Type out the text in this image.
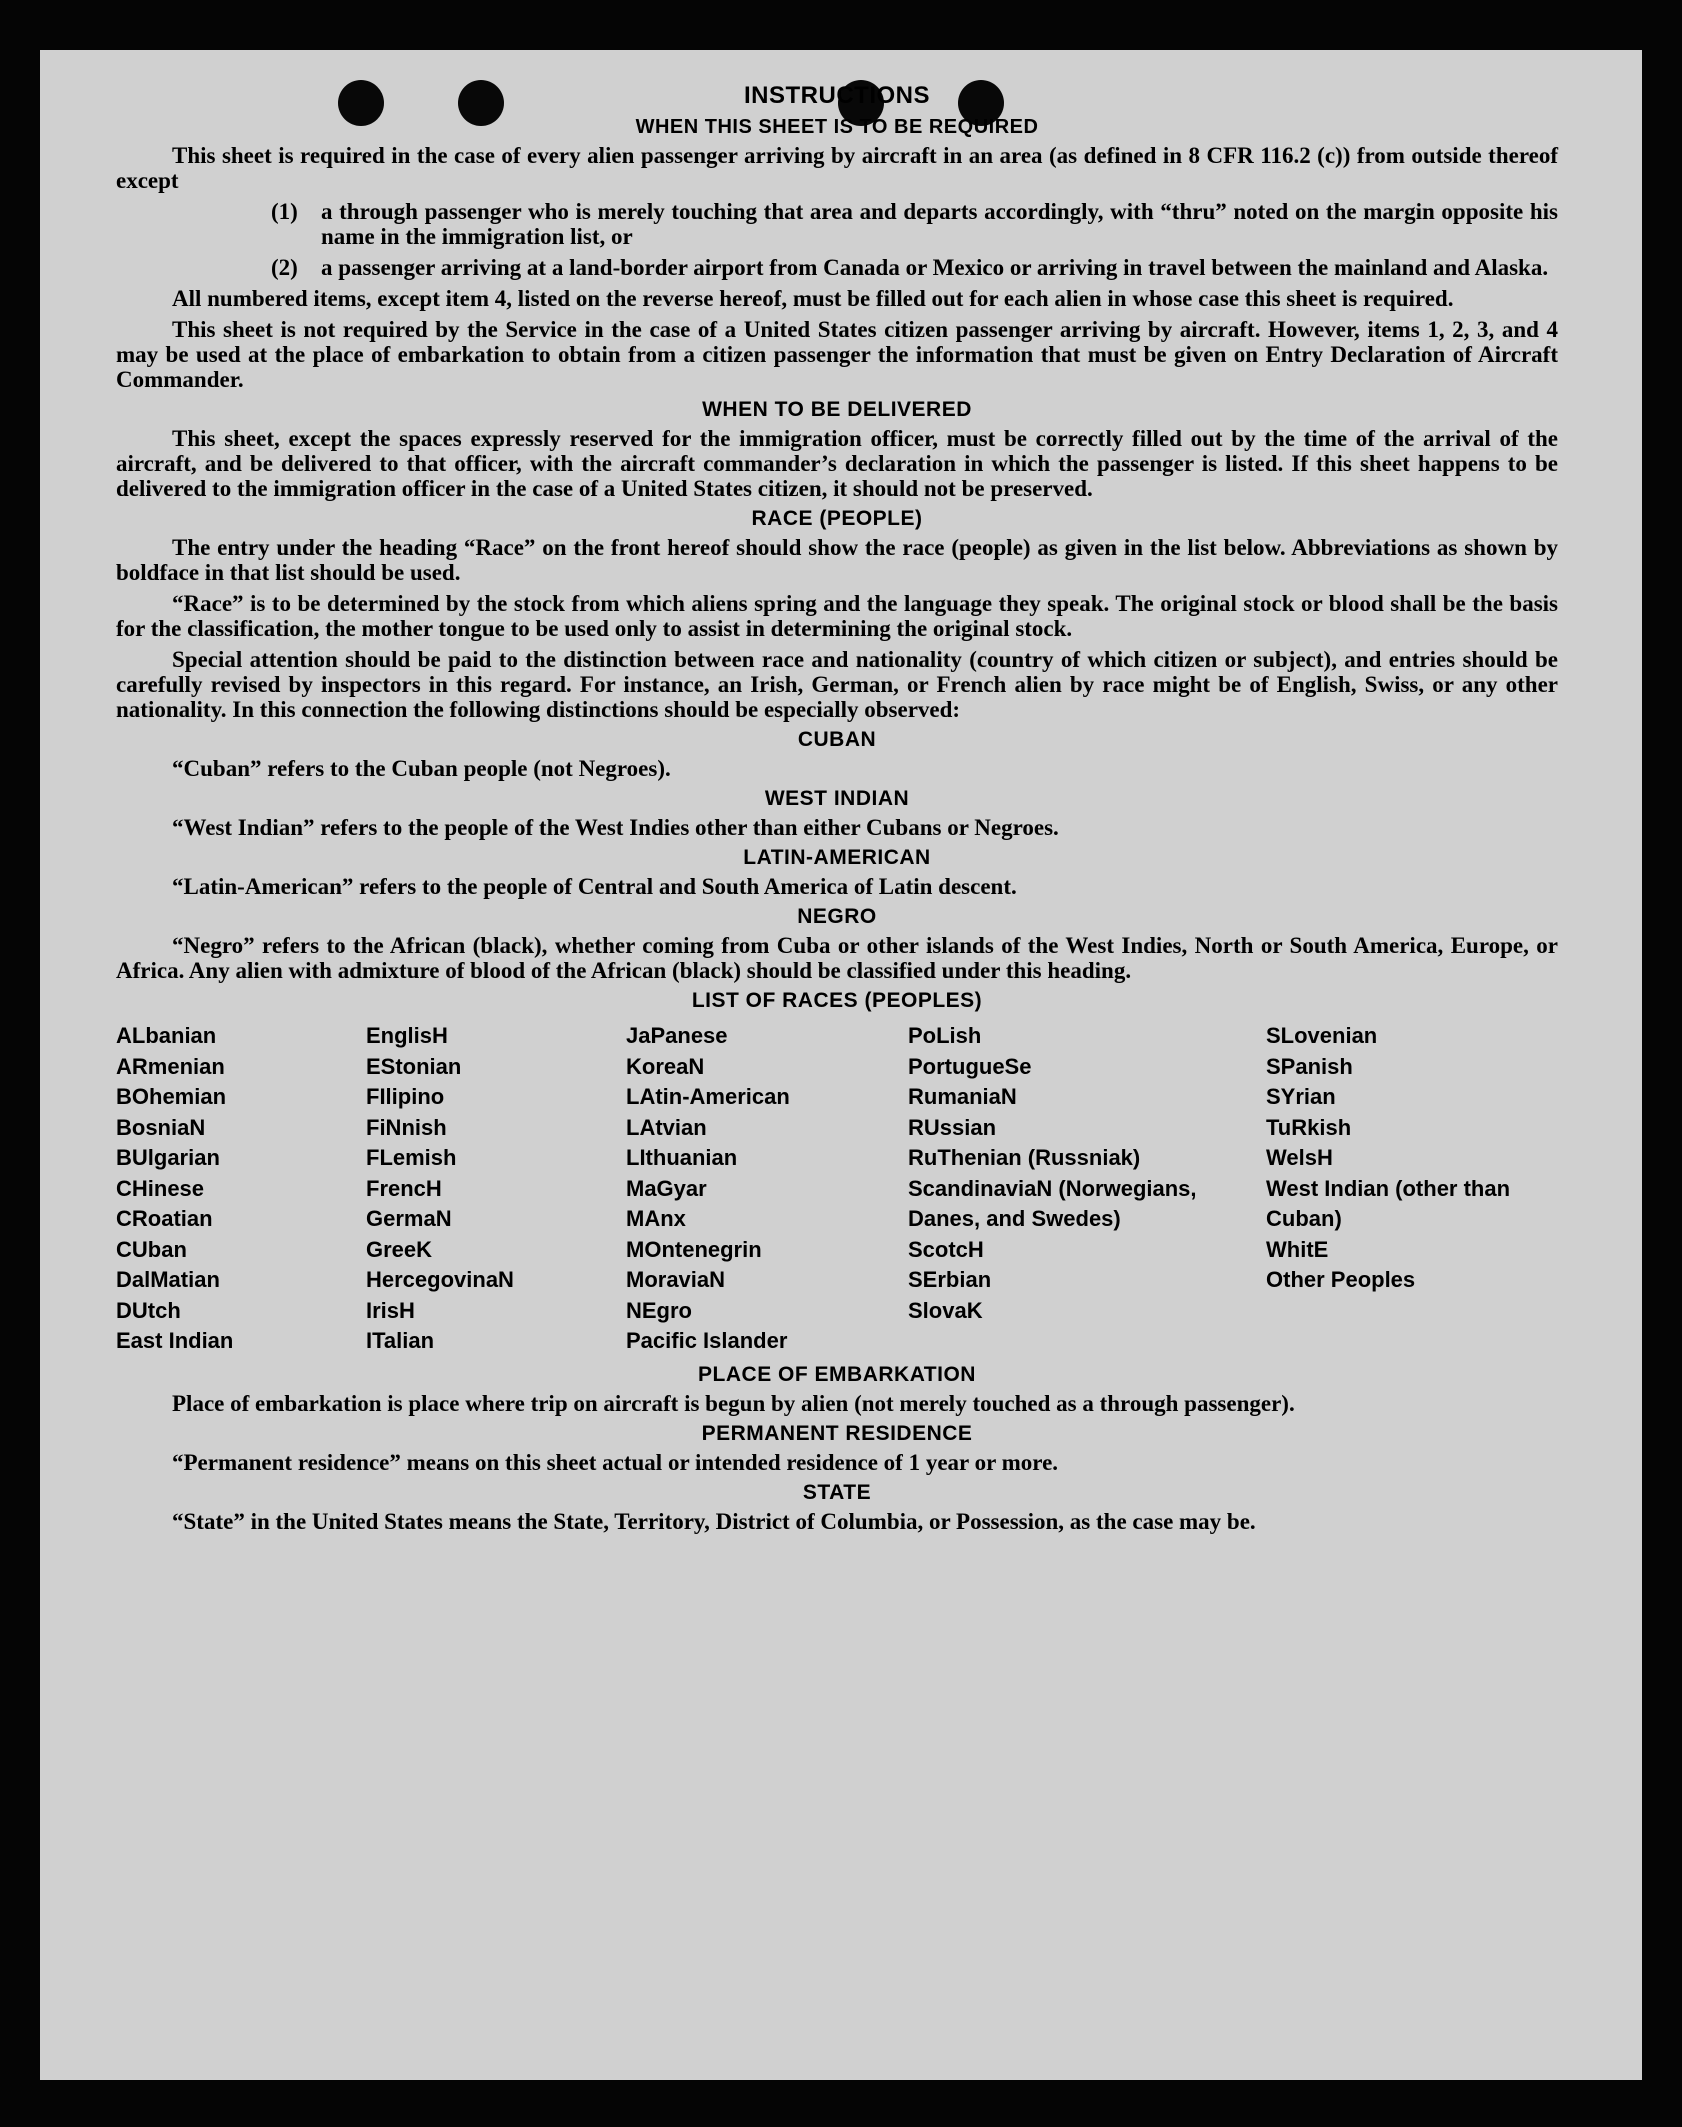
INSTRUCTIONS
WHEN THIS SHEET IS TO BE REQUIRED

This sheet is required in the case of every alien passenger arriving by aircraft in an area (as defined in 8 CFR 116.2 (c)) from outside thereof except

(1)	a through passenger who is merely touching that area and departs accordingly, with “thru” noted on the margin opposite his name in the immigration list, or
(2)	a passenger arriving at a land-border airport from Canada or Mexico or arriving in travel between the mainland and Alaska.

All numbered items, except item 4, listed on the reverse hereof, must be filled out for each alien in whose case this sheet is required.

This sheet is not required by the Service in the case of a United States citizen passenger arriving by aircraft. However, items 1, 2, 3, and 4 may be used at the place of embarkation to obtain from a citizen passenger the information that must be given on Entry Declaration of Aircraft Commander.

WHEN TO BE DELIVERED

This sheet, except the spaces expressly reserved for the immigration officer, must be correctly filled out by the time of the arrival of the aircraft, and be delivered to that officer, with the aircraft commander’s declaration in which the passenger is listed. If this sheet happens to be delivered to the immigration officer in the case of a United States citizen, it should not be preserved.

RACE (PEOPLE)

The entry under the heading “Race” on the front hereof should show the race (people) as given in the list below. Abbreviations as shown by boldface in that list should be used.

“Race” is to be determined by the stock from which aliens spring and the language they speak. The original stock or blood shall be the basis for the classification, the mother tongue to be used only to assist in determining the original stock.

Special attention should be paid to the distinction between race and nationality (country of which citizen or subject), and entries should be carefully revised by inspectors in this regard. For instance, an Irish, German, or French alien by race might be of English, Swiss, or any other nationality. In this connection the following distinctions should be especially observed:

CUBAN

“Cuban” refers to the Cuban people (not Negroes).

WEST INDIAN

“West Indian” refers to the people of the West Indies other than either Cubans or Negroes.

LATIN-AMERICAN

“Latin-American” refers to the people of Central and South America of Latin descent.

NEGRO

“Negro” refers to the African (black), whether coming from Cuba or other islands of the West Indies, North or South America, Europe, or Africa. Any alien with admixture of blood of the African (black) should be classified under this heading.

LIST OF RACES (PEOPLES)
ALbanian
ARmenian
BOhemian
BosniaN
BUlgarian
CHinese
CRoatian
CUban
DalMatian
DUtch
East Indian
EnglisH
EStonian
FIlipino
FiNnish
FLemish
FrencH
GermaN
GreeK
HercegovinaN
IrisH
ITalian
JaPanese
KoreaN
LAtin-American
LAtvian
LIthuanian
MaGyar
MAnx
MOntenegrin
MoraviaN
NEgro
Pacific Islander
PoLish
PortugueSe
RumaniaN
RUssian
RuThenian (Russniak)
ScandinaviaN (Norwegians, Danes, and Swedes)
ScotcH
SErbian
SlovaK
SLovenian
SPanish
SYrian
TuRkish
WelsH
West Indian (other than Cuban)
WhitE
Other Peoples
PLACE OF EMBARKATION

Place of embarkation is place where trip on aircraft is begun by alien (not merely touched as a through passenger).

PERMANENT RESIDENCE

“Permanent residence” means on this sheet actual or intended residence of 1 year or more.

STATE

“State” in the United States means the State, Territory, District of Columbia, or Possession, as the case may be.
